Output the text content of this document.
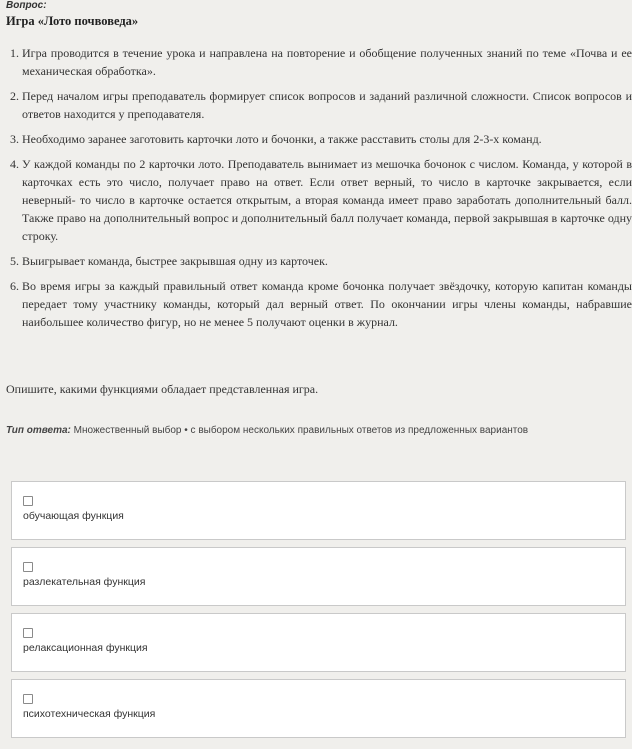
Вопрос:
Игра «Лото почвоведа»
1. Игра проводится в течение урока и направлена на повторение и обобщение полученных знаний по теме «Почва и ее механическая обработка».
2. Перед началом игры преподаватель формирует список вопросов и заданий различной сложности. Список вопросов и ответов находится у преподавателя.
3. Необходимо заранее заготовить карточки лото и бочонки, а также расставить столы для 2-3-х команд.
4. У каждой команды по 2 карточки лото. Преподаватель вынимает из мешочка бочонок с числом. Команда, у которой в карточках есть это число, получает право на ответ. Если ответ верный, то число в карточке закрывается, если неверный- то число в карточке остается открытым, а вторая команда имеет право заработать дополнительный балл. Также право на дополнительный вопрос и дополнительный балл получает команда, первой закрывшая в карточке одну строку.
5. Выигрывает команда, быстрее закрывшая одну из карточек.
6. Во время игры за каждый правильный ответ команда кроме бочонка получает звёздочку, которую капитан команды передает тому участнику команды, который дал верный ответ. По окончании игры члены команды, набравшие наибольшее количество фигур, но не менее 5 получают оценки в журнал.
Опишите, какими функциями обладает представленная игра.
Тип ответа: Множественный выбор • с выбором нескольких правильных ответов из предложенных вариантов
обучающая функция
разлекательная функция
релаксационная функция
психотехническая функция
